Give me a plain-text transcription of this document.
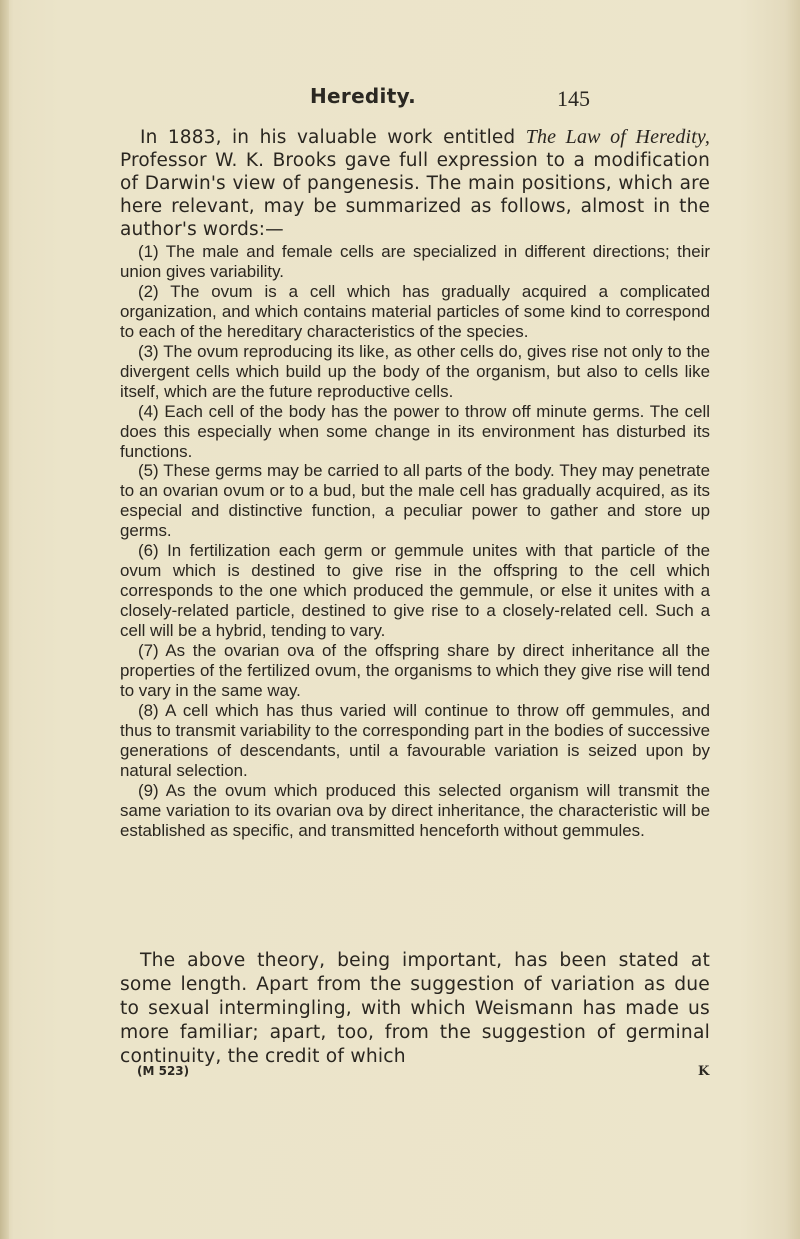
Heredity.	145

In 1883, in his valuable work entitled The Law of Heredity, Professor W. K. Brooks gave full expression to a modification of Darwin's view of pangenesis. The main positions, which are here relevant, may be summarized as follows, almost in the author's words:—

(1) The male and female cells are specialized in different directions; their union gives variability.
(2) The ovum is a cell which has gradually acquired a complicated organization, and which contains material particles of some kind to correspond to each of the hereditary characteristics of the species.
(3) The ovum reproducing its like, as other cells do, gives rise not only to the divergent cells which build up the body of the organism, but also to cells like itself, which are the future reproductive cells.
(4) Each cell of the body has the power to throw off minute germs. The cell does this especially when some change in its environment has disturbed its functions.
(5) These germs may be carried to all parts of the body. They may penetrate to an ovarian ovum or to a bud, but the male cell has gradually acquired, as its especial and distinctive function, a peculiar power to gather and store up germs.
(6) In fertilization each germ or gemmule unites with that particle of the ovum which is destined to give rise in the offspring to the cell which corresponds to the one which produced the gemmule, or else it unites with a closely-related particle, destined to give rise to a closely-related cell. Such a cell will be a hybrid, tending to vary.
(7) As the ovarian ova of the offspring share by direct inheritance all the properties of the fertilized ovum, the organisms to which they give rise will tend to vary in the same way.
(8) A cell which has thus varied will continue to throw off gemmules, and thus to transmit variability to the corresponding part in the bodies of successive generations of descendants, until a favourable variation is seized upon by natural selection.
(9) As the ovum which produced this selected organism will transmit the same variation to its ovarian ova by direct inheritance, the characteristic will be established as specific, and transmitted henceforth without gemmules.

The above theory, being important, has been stated at some length. Apart from the suggestion of variation as due to sexual intermingling, with which Weismann has made us more familiar; apart, too, from the suggestion of germinal continuity, the credit of which

(M 523)	K
